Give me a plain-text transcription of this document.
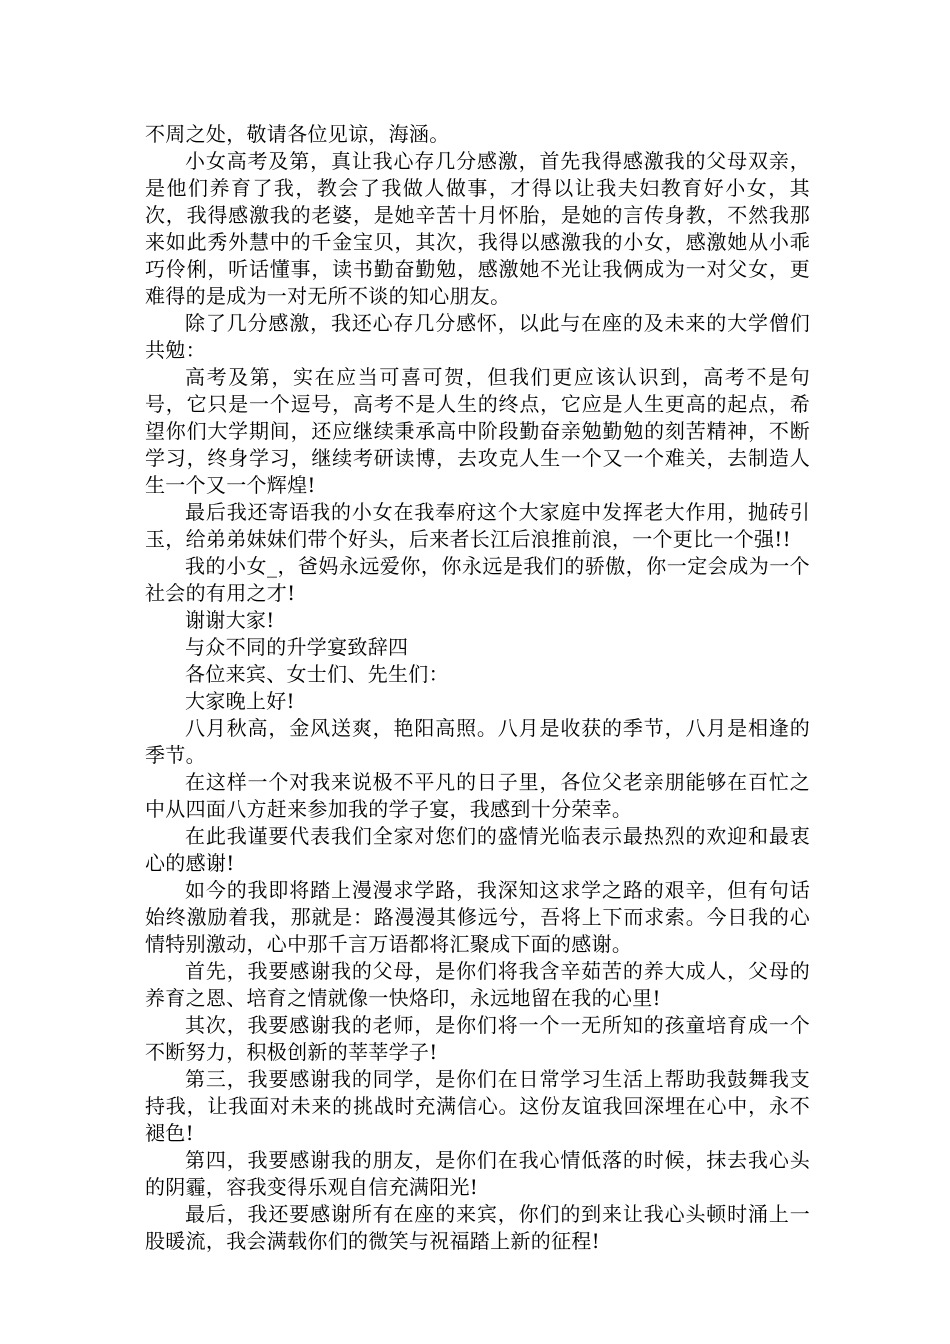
不周之处，敬请各位见谅，海涵。

小女高考及第，真让我心存几分感激，首先我得感激我的父母双亲，是他们养育了我，教会了我做人做事，才得以让我夫妇教育好小女，其次，我得感激我的老婆，是她辛苦十月怀胎，是她的言传身教，不然我那来如此秀外慧中的千金宝贝，其次，我得以感激我的小女，感激她从小乖巧伶俐，听话懂事，读书勤奋勤勉，感激她不光让我俩成为一对父女，更难得的是成为一对无所不谈的知心朋友。

除了几分感激，我还心存几分感怀，以此与在座的及未来的大学僧们共勉：

高考及第，实在应当可喜可贺，但我们更应该认识到，高考不是句号，它只是一个逗号，高考不是人生的终点，它应是人生更高的起点，希望你们大学期间，还应继续秉承高中阶段勤奋亲勉勤勉的刻苦精神，不断学习，终身学习，继续考研读博，去攻克人生一个又一个难关，去制造人生一个又一个辉煌!

最后我还寄语我的小女在我奉府这个大家庭中发挥老大作用，抛砖引玉，给弟弟妹妹们带个好头，后来者长江后浪推前浪，一个更比一个强!!

我的小女_，爸妈永远爱你，你永远是我们的骄傲，你一定会成为一个社会的有用之才!

谢谢大家!

与众不同的升学宴致辞四

各位来宾、女士们、先生们：

大家晚上好!

八月秋高，金风送爽，艳阳高照。八月是收获的季节，八月是相逢的季节。

在这样一个对我来说极不平凡的日子里，各位父老亲朋能够在百忙之中从四面八方赶来参加我的学子宴，我感到十分荣幸。

在此我谨要代表我们全家对您们的盛情光临表示最热烈的欢迎和最衷心的感谢!

如今的我即将踏上漫漫求学路，我深知这求学之路的艰辛，但有句话始终激励着我，那就是：路漫漫其修远兮，吾将上下而求索。今日我的心情特别激动，心中那千言万语都将汇聚成下面的感谢。

首先，我要感谢我的父母，是你们将我含辛茹苦的养大成人，父母的养育之恩、培育之情就像一快烙印，永远地留在我的心里!

其次，我要感谢我的老师，是你们将一个一无所知的孩童培育成一个不断努力，积极创新的莘莘学子!

第三，我要感谢我的同学，是你们在日常学习生活上帮助我鼓舞我支持我，让我面对未来的挑战时充满信心。这份友谊我回深埋在心中，永不褪色!

第四，我要感谢我的朋友，是你们在我心情低落的时候，抹去我心头的阴霾，容我变得乐观自信充满阳光!

最后，我还要感谢所有在座的来宾，你们的到来让我心头顿时涌上一股暖流，我会满载你们的微笑与祝福踏上新的征程!
